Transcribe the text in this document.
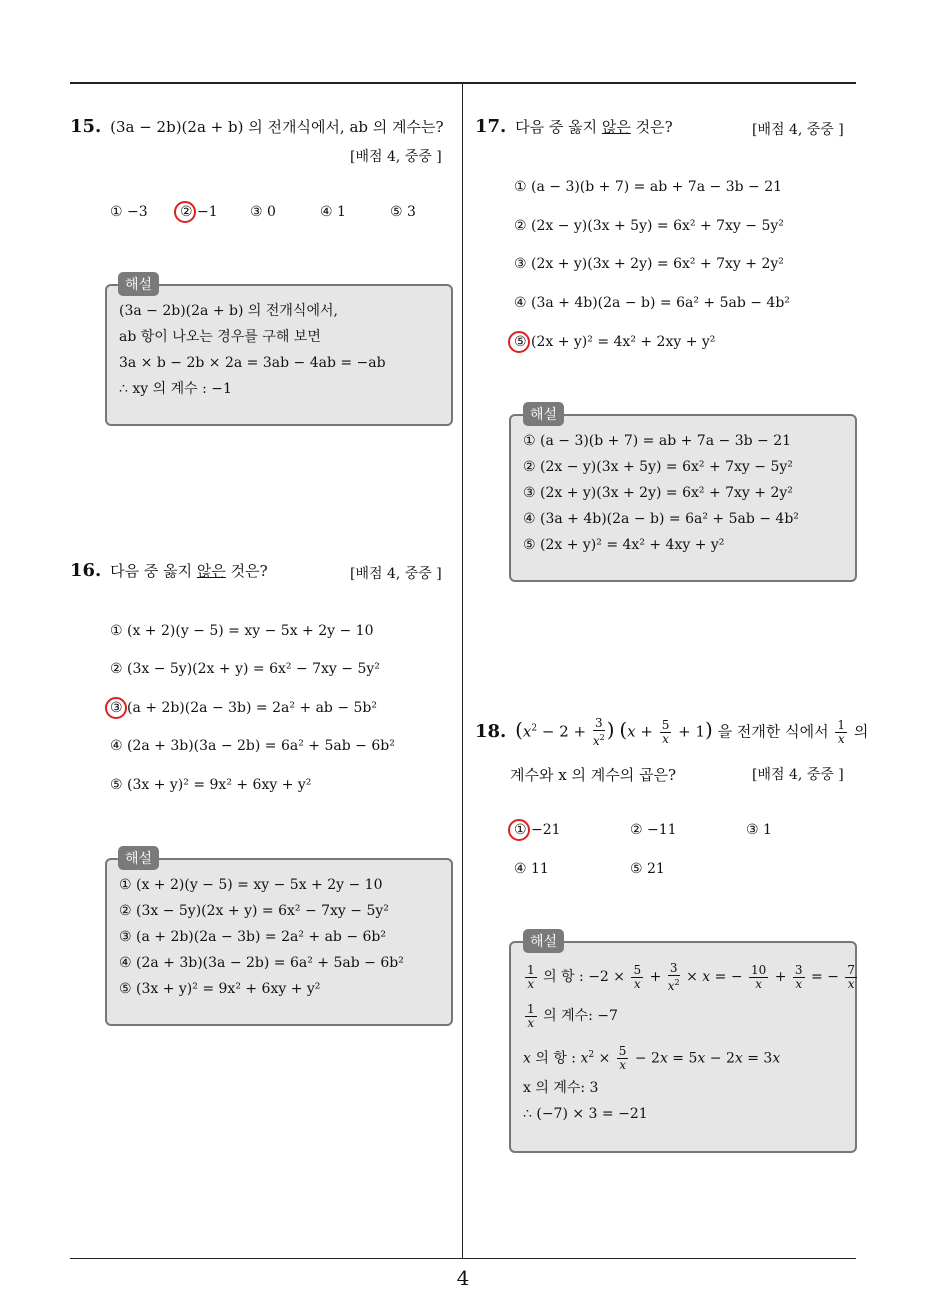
4
15. (3a − 2b)(2a + b) 의 전개식에서, ab 의 계수는?
[배점 4, 중중 ]
① −3 ② −1 ③ 0	④ 1	⑤ 3
(3a − 2b)(2a + b) 의 전개식에서,
ab 항이 나오는 경우를 구해 보면
3a × b − 2b × 2a = 3ab − 4ab = −ab
∴ xy 의 계수 : −1
해설
16. 다음 중 옳지 않은 것은?	[배점 4, 중중 ]
① (x + 2)(y − 5) = xy − 5x + 2y − 10
② (3x − 5y)(2x + y) = 6x² − 7xy − 5y²
③ (a + 2b)(2a − 3b) = 2a² + ab − 5b²
④ (2a + 3b)(3a − 2b) = 6a² + 5ab − 6b²
⑤ (3x + y)² = 9x² + 6xy + y²
① (x + 2)(y − 5) = xy − 5x + 2y − 10
② (3x − 5y)(2x + y) = 6x² − 7xy − 5y²
③ (a + 2b)(2a − 3b) = 2a² + ab − 6b²
④ (2a + 3b)(3a − 2b) = 6a² + 5ab − 6b²
⑤ (3x + y)² = 9x² + 6xy + y²
해설
17. 다음 중 옳지 않은 것은?	[배점 4, 중중 ]
① (a − 3)(b + 7) = ab + 7a − 3b − 21
② (2x − y)(3x + 5y) = 6x² + 7xy − 5y²
③ (2x + y)(3x + 2y) = 6x² + 7xy + 2y²
④ (3a + 4b)(2a − b) = 6a² + 5ab − 4b²
⑤ (2x + y)² = 4x² + 2xy + y²
① (a − 3)(b + 7) = ab + 7a − 3b − 21
② (2x − y)(3x + 5y) = 6x² + 7xy − 5y²
③ (2x + y)(3x + 2y) = 6x² + 7xy + 2y²
④ (3a + 4b)(2a − b) = 6a² + 5ab − 4b²
⑤ (2x + y)² = 4x² + 4xy + y²
해설
18. ($x^2 - 2 + \frac{3}{x^2}$ ) $(x + \frac{5}{x} + 1)$ 을 전개한 식에서 $\frac{1}{x}$ 의
계수와 x 의 계수의 곱은?	[배점 4, 중중 ]
① −21	② −11	③ 1
④ 11	⑤ 21
$\frac{1}{x}$ 의 항 : $-2 \times \frac{5}{x} + \frac{3}{x^2} \times x$ = − $\frac{10}{x} + \frac{3}{x}$ = − $\frac{7}{x}$
$\frac{1}{x}$ 의 계수: −7
x 의 항 : $x^2 \times \frac{5}{x} - 2x = 5x - 2x = 3x$
x 의 계수: 3
∴ (−7) × 3 = −21
해설
